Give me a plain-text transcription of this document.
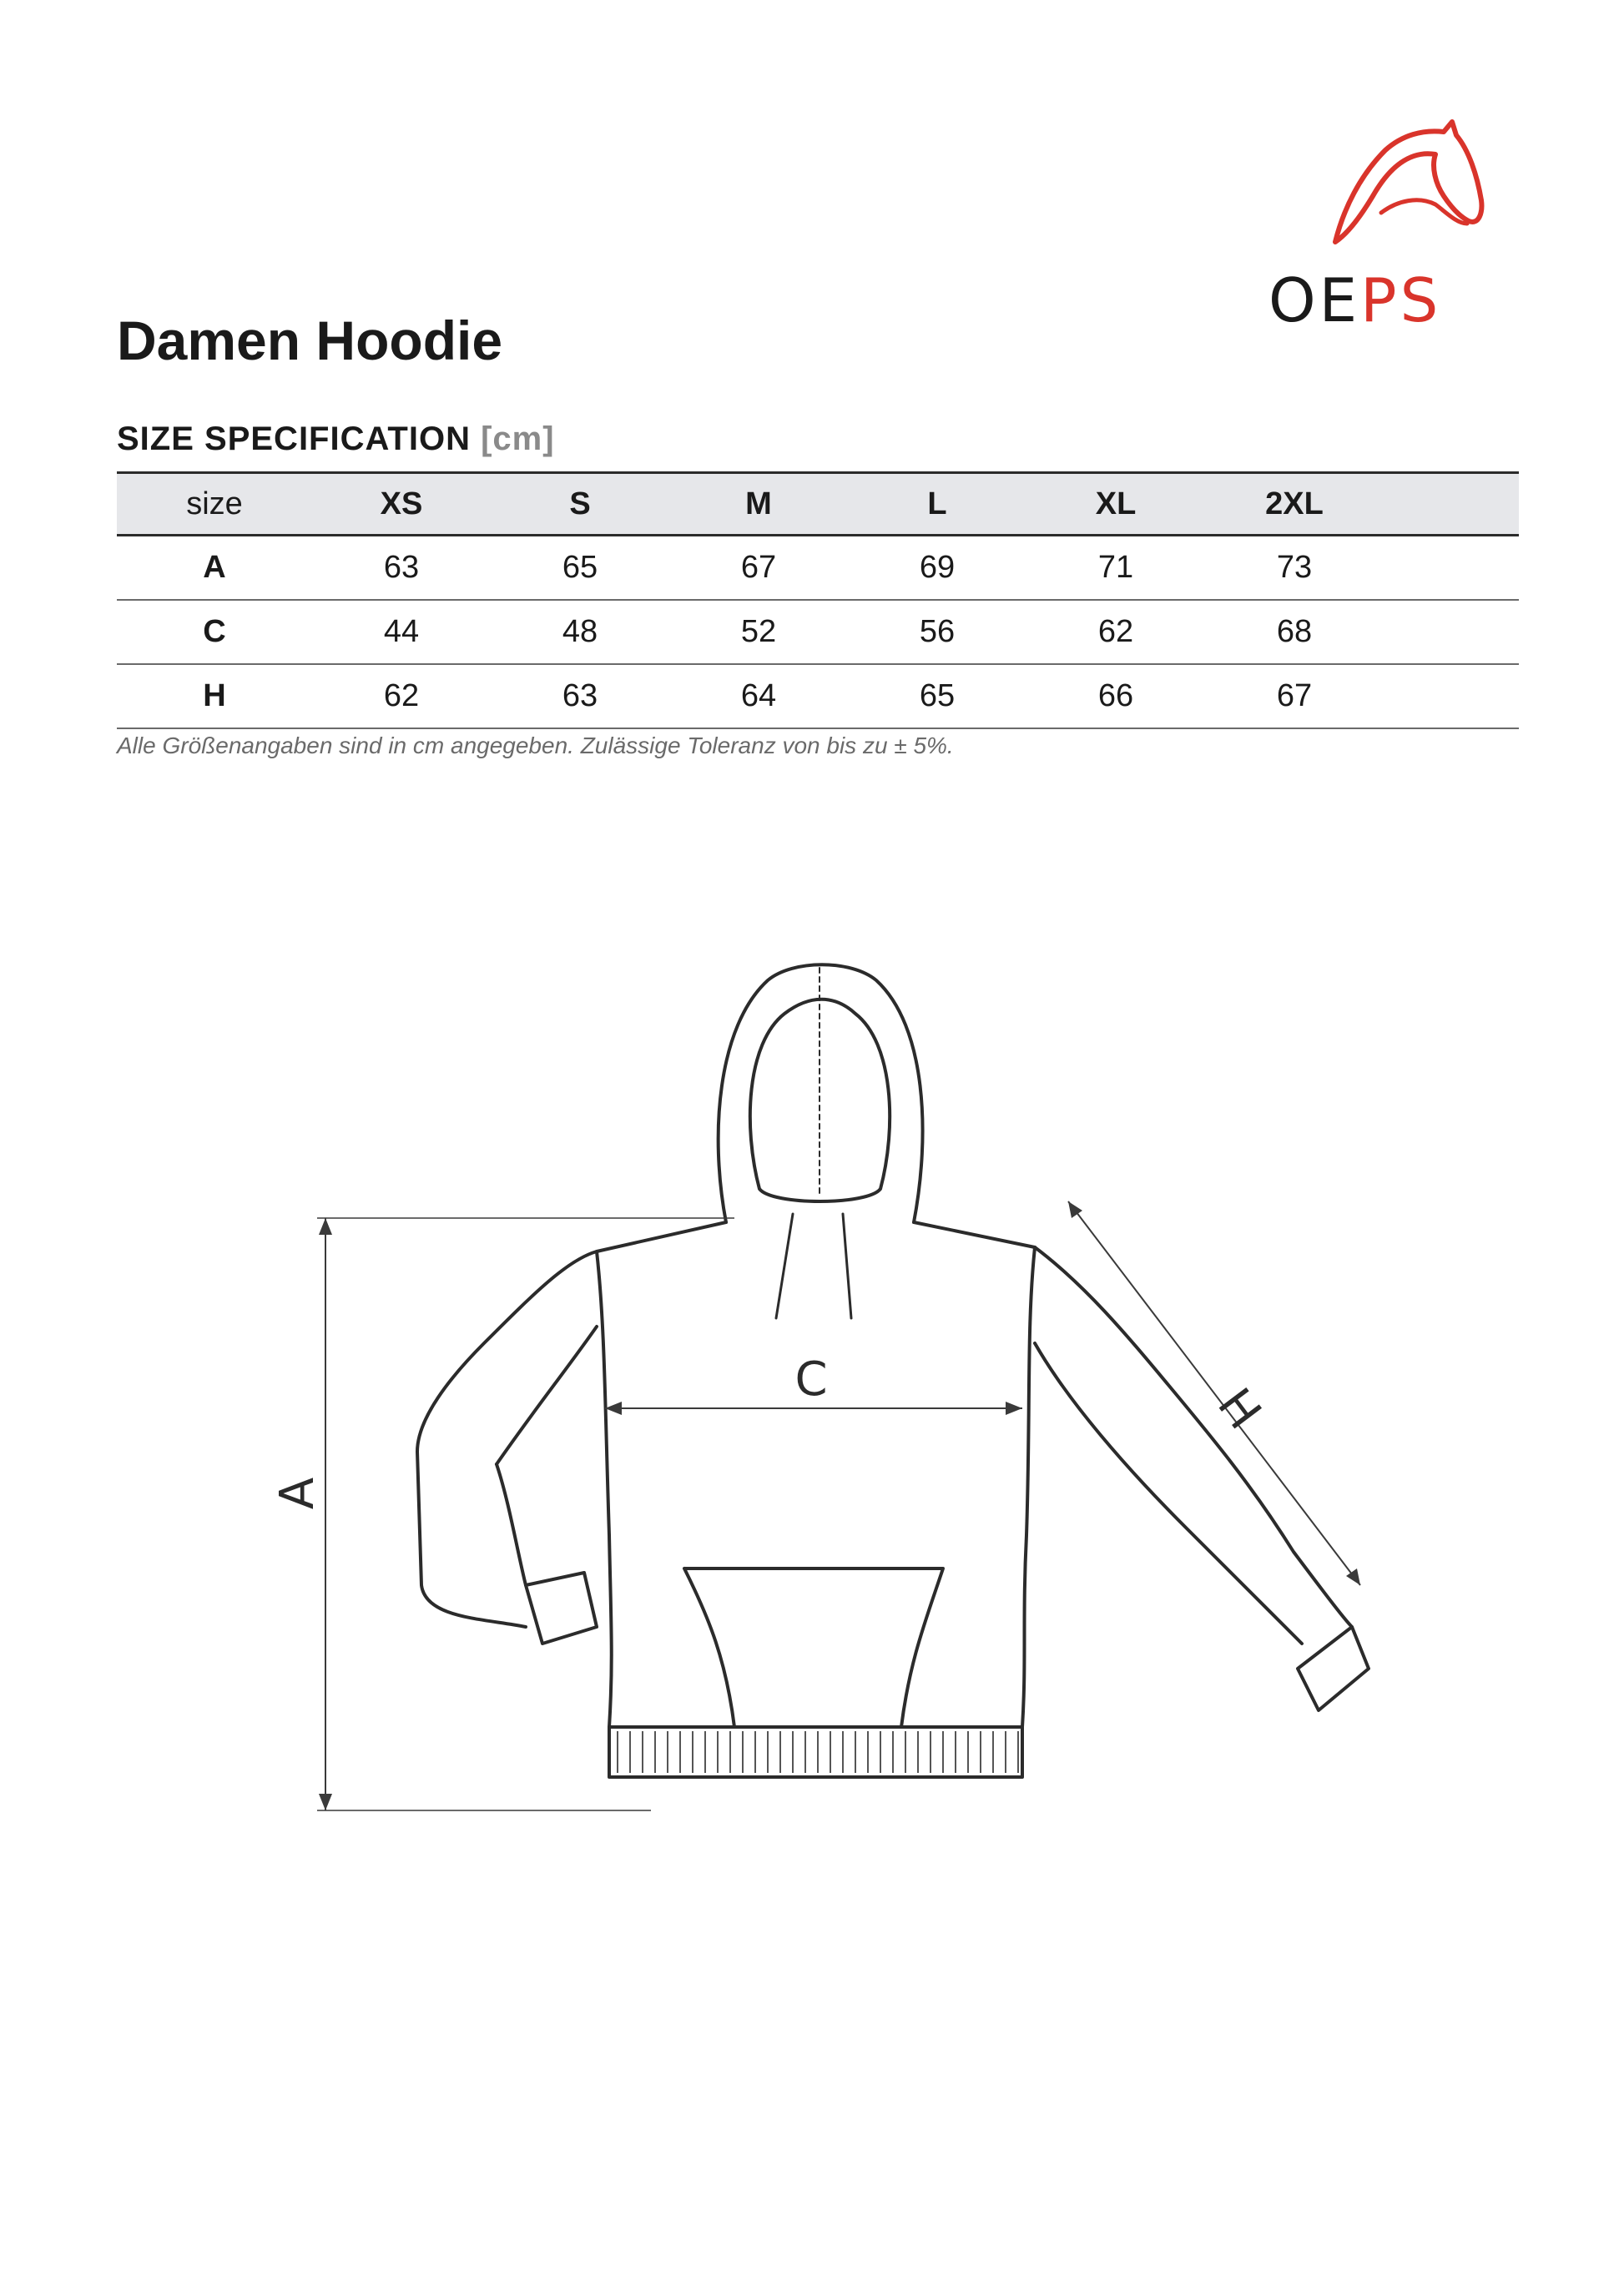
OEPS
Damen Hoodie
SIZE SPECIFICATION [cm]
size	XS	S	M	L	XL	2XL
A	63	65	67	69	71	73
C	44	48	52	56	62	68
H	62	63	64	65	66	67
Alle Größenangaben sind in cm angegeben. Zulässige Toleranz von bis zu ± 5%.
A
C	H
